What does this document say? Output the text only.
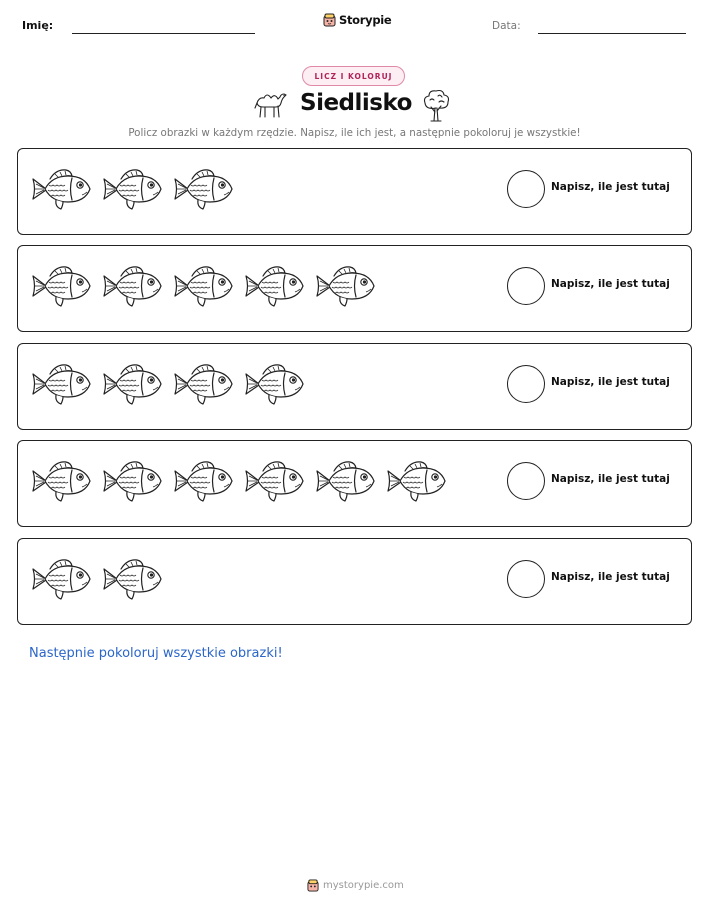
Imię:	Storypie	Data:
LICZ I KOLORUJ
Siedlisko
Policz obrazki w każdym rzędzie. Napisz, ile ich jest, a następnie pokoloruj je wszystkie!
Napisz, ile jest tutaj
Napisz, ile jest tutaj
Napisz, ile jest tutaj
Napisz, ile jest tutaj
Napisz, ile jest tutaj
Następnie pokoloruj wszystkie obrazki!
mystorypie.com
